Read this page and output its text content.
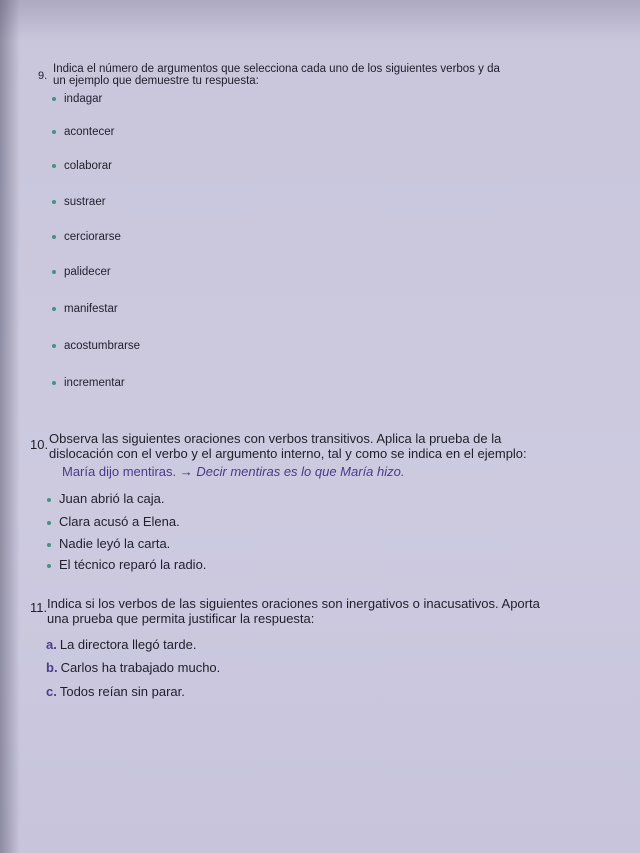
9.
Indica el número de argumentos que selecciona cada uno de los siguientes verbos y da
un ejemplo que demuestre tu respuesta:
indagar
acontecer
colaborar
sustraer
cerciorarse
palidecer
manifestar
acostumbrarse
incrementar
10. Observa las siguientes oraciones con verbos transitivos. Aplica la prueba de la
dislocación con el verbo y el argumento interno, tal y como se indica en el ejemplo:
María dijo mentiras. → Decir mentiras es lo que María hizo.
Juan abrió la caja.
Clara acusó a Elena.
Nadie leyó la carta.
El técnico reparó la radio.
11. Indica si los verbos de las siguientes oraciones son inergativos o inacusativos. Aporta
una prueba que permita justificar la respuesta:
a. La directora llegó tarde.
b. Carlos ha trabajado mucho.
c. Todos reían sin parar.
